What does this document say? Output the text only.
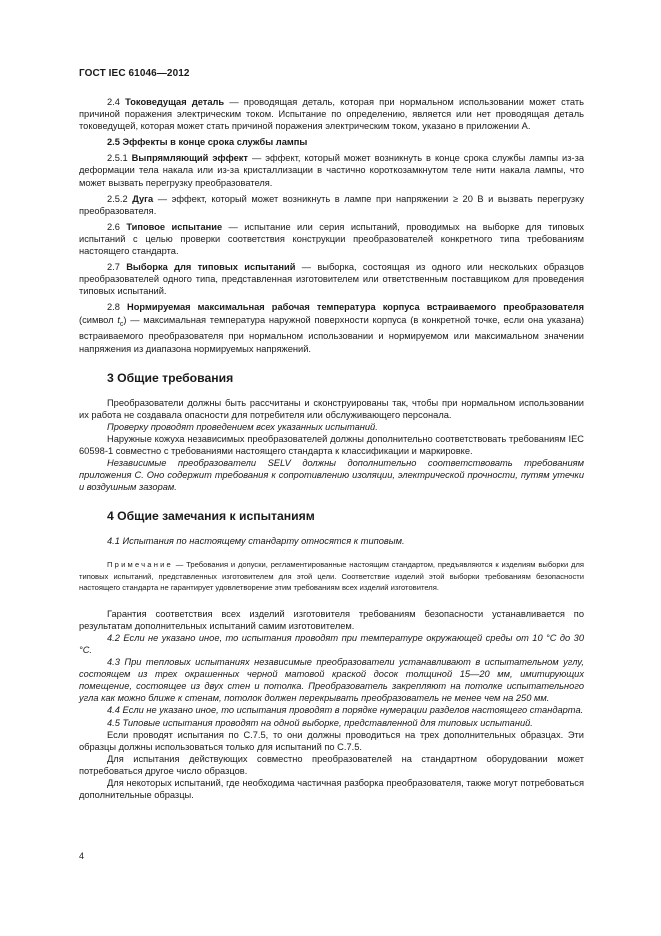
ГОСТ IEC 61046—2012

2.4 Токоведущая деталь — проводящая деталь, которая при нормальном использовании может стать причиной поражения электрическим током. Испытание по определению, является или нет проводящая деталь токоведущей, которая может стать причиной поражения электрическим током, указано в приложении А.

2.5 Эффекты в конце срока службы лампы

2.5.1 Выпрямляющий эффект — эффект, который может возникнуть в конце срока службы лампы из-за деформации тела накала или из-за кристаллизации в частично короткозамкнутом теле нити накала лампы, что может вызвать перегрузку преобразователя.

2.5.2 Дуга — эффект, который может возникнуть в лампе при напряжении ≥ 20 В и вызвать перегрузку преобразователя.

2.6 Типовое испытание — испытание или серия испытаний, проводимых на выборке для типовых испытаний с целью проверки соответствия конструкции преобразователей конкретного типа требованиям настоящего стандарта.

2.7 Выборка для типовых испытаний — выборка, состоящая из одного или нескольких образцов преобразователей одного типа, представленная изготовителем или ответственным поставщиком для проведения типовых испытаний.

2.8 Нормируемая максимальная рабочая температура корпуса встраиваемого преобразователя (символ $t_c$) — максимальная температура наружной поверхности корпуса (в конкретной точке, если она указана) встраиваемого преобразователя при нормальном использовании и нормируемом или максимальном значении напряжения из диапазона нормируемых напряжений.

3 Общие требования

Преобразователи должны быть рассчитаны и сконструированы так, чтобы при нормальном использовании их работа не создавала опасности для потребителя или обслуживающего персонала.

Проверку проводят проведением всех указанных испытаний.

Наружные кожуха независимых преобразователей должны дополнительно соответствовать требованиям IEC 60598-1 совместно с требованиями настоящего стандарта к классификации и маркировке.

Независимые преобразователи SELV должны дополнительно соответствовать требованиям приложения С. Оно содержит требования к сопротивлению изоляции, электрической прочности, путям утечки и воздушным зазорам.

4 Общие замечания к испытаниям

4.1 Испытания по настоящему стандарту относятся к типовым.

Примечание — Требования и допуски, регламентированные настоящим стандартом, предъявляются к изделиям выборки для типовых испытаний, представленных изготовителем для этой цели. Соответствие изделий этой выборки требованиям безопасности настоящего стандарта не гарантирует удовлетворение этим требованиям всех изделий изготовителя.

Гарантия соответствия всех изделий изготовителя требованиям безопасности устанавливается по результатам дополнительных испытаний самим изготовителем.

4.2 Если не указано иное, то испытания проводят при температуре окружающей среды от 10 °C до 30 °C.

4.3 При тепловых испытаниях независимые преобразователи устанавливают в испытательном углу, состоящем из трех окрашенных черной матовой краской досок толщиной 15—20 мм, имитирующих помещение, состоящее из двух стен и потолка. Преобразователь закрепляют на потолке испытательного угла как можно ближе к стенам, потолок должен перекрывать преобразователь не менее чем на 250 мм.

4.4 Если не указано иное, то испытания проводят в порядке нумерации разделов настоящего стандарта.

4.5 Типовые испытания проводят на одной выборке, представленной для типовых испытаний.

Если проводят испытания по С.7.5, то они должны проводиться на трех дополнительных образцах. Эти образцы должны использоваться только для испытаний по С.7.5.

Для испытания действующих совместно преобразователей на стандартном оборудовании может потребоваться другое число образцов.

Для некоторых испытаний, где необходима частичная разборка преобразователя, также могут потребоваться дополнительные образцы.

4
